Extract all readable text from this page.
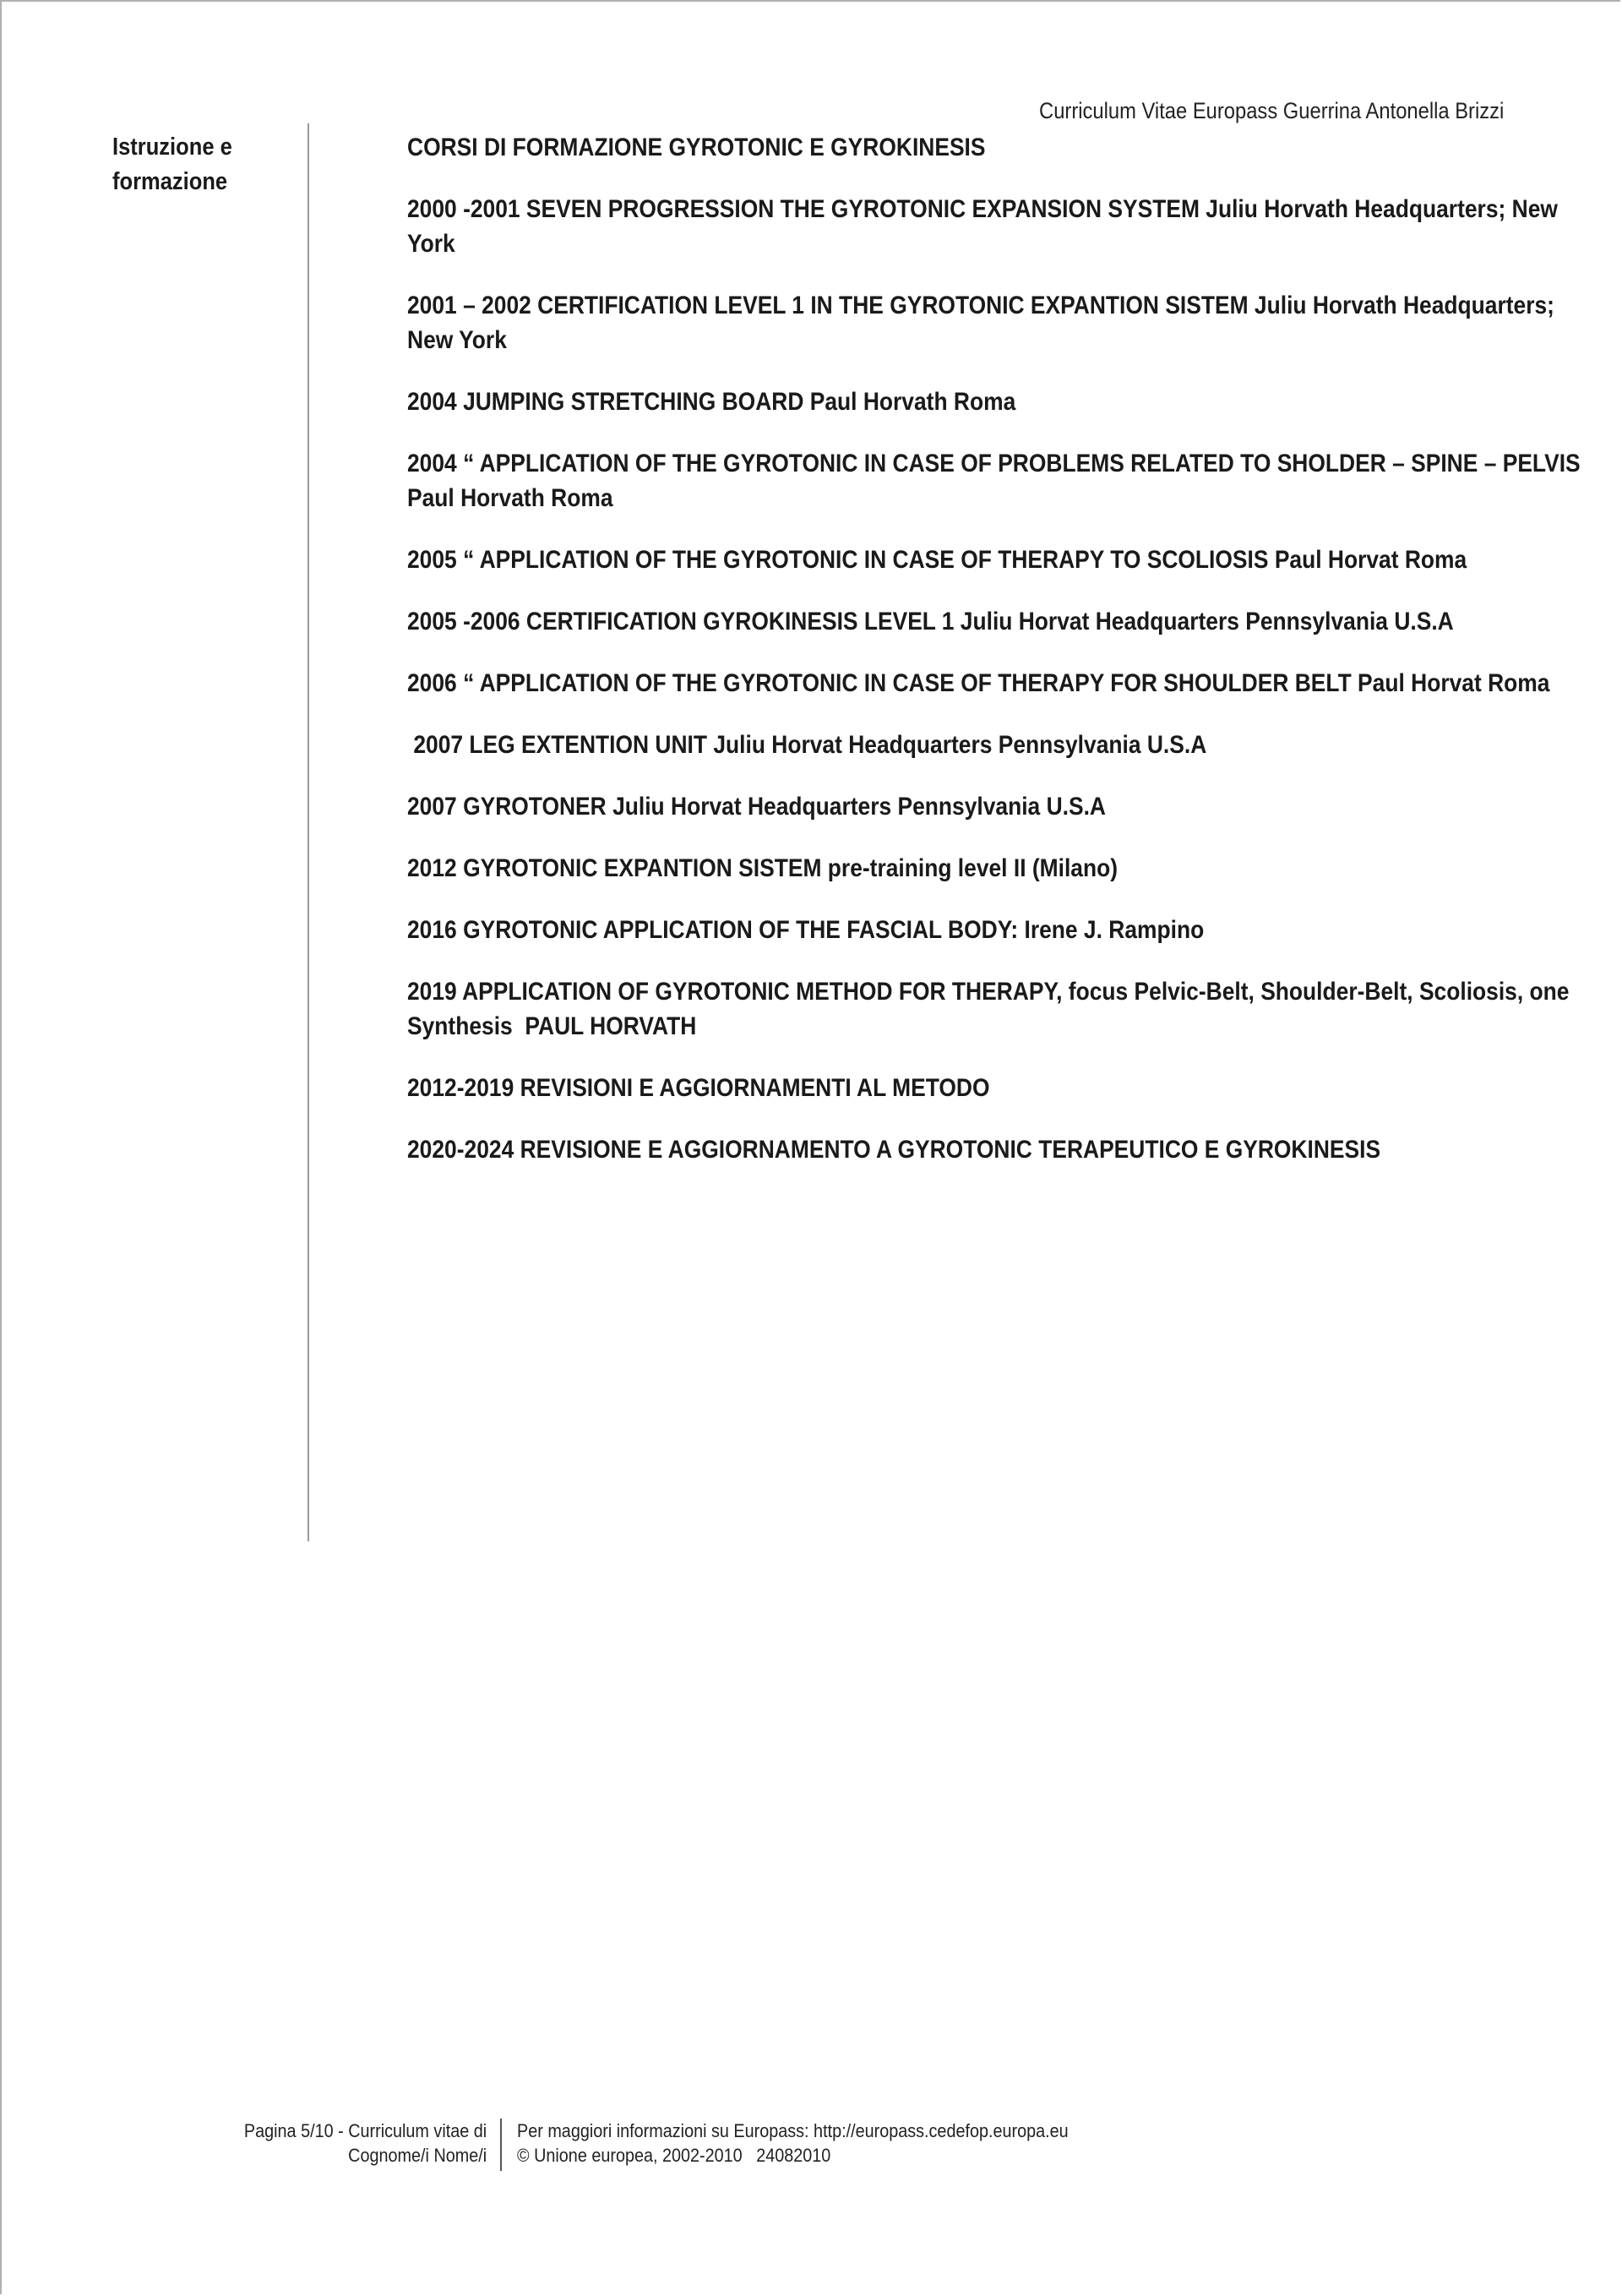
Curriculum Vitae Europass Guerrina Antonella Brizzi
Istruzione e
formazione

CORSI DI FORMAZIONE GYROTONIC E GYROKINESIS

2000 -2001 SEVEN PROGRESSION THE GYROTONIC EXPANSION SYSTEM Juliu Horvath Headquarters; New York

2001 – 2002 CERTIFICATION LEVEL 1 IN THE GYROTONIC EXPANTION SISTEM Juliu Horvath Headquarters; New York

2004 JUMPING STRETCHING BOARD Paul Horvath Roma

2004 “ APPLICATION OF THE GYROTONIC IN CASE OF PROBLEMS RELATED TO SHOLDER – SPINE – PELVIS Paul Horvath Roma

2005 “ APPLICATION OF THE GYROTONIC IN CASE OF THERAPY TO SCOLIOSIS Paul Horvat Roma

2005 -2006 CERTIFICATION GYROKINESIS LEVEL 1 Juliu Horvat Headquarters Pennsylvania U.S.A

2006 “ APPLICATION OF THE GYROTONIC IN CASE OF THERAPY FOR SHOULDER BELT Paul Horvat Roma

2007 LEG EXTENTION UNIT Juliu Horvat Headquarters Pennsylvania U.S.A

2007 GYROTONER Juliu Horvat Headquarters Pennsylvania U.S.A

2012 GYROTONIC EXPANTION SISTEM pre-training level II (Milano)

2016 GYROTONIC APPLICATION OF THE FASCIAL BODY: Irene J. Rampino

2019 APPLICATION OF GYROTONIC METHOD FOR THERAPY, focus Pelvic-Belt, Shoulder-Belt, Scoliosis, one Synthesis  PAUL HORVATH

2012-2019 REVISIONI E AGGIORNAMENTI AL METODO

2020-2024 REVISIONE E AGGIORNAMENTO A GYROTONIC TERAPEUTICO E GYROKINESIS

Pagina 5/10 - Curriculum vitae di
Cognome/i Nome/i
Per maggiori informazioni su Europass: http://europass.cedefop.europa.eu
© Unione europea, 2002-2010   24082010
